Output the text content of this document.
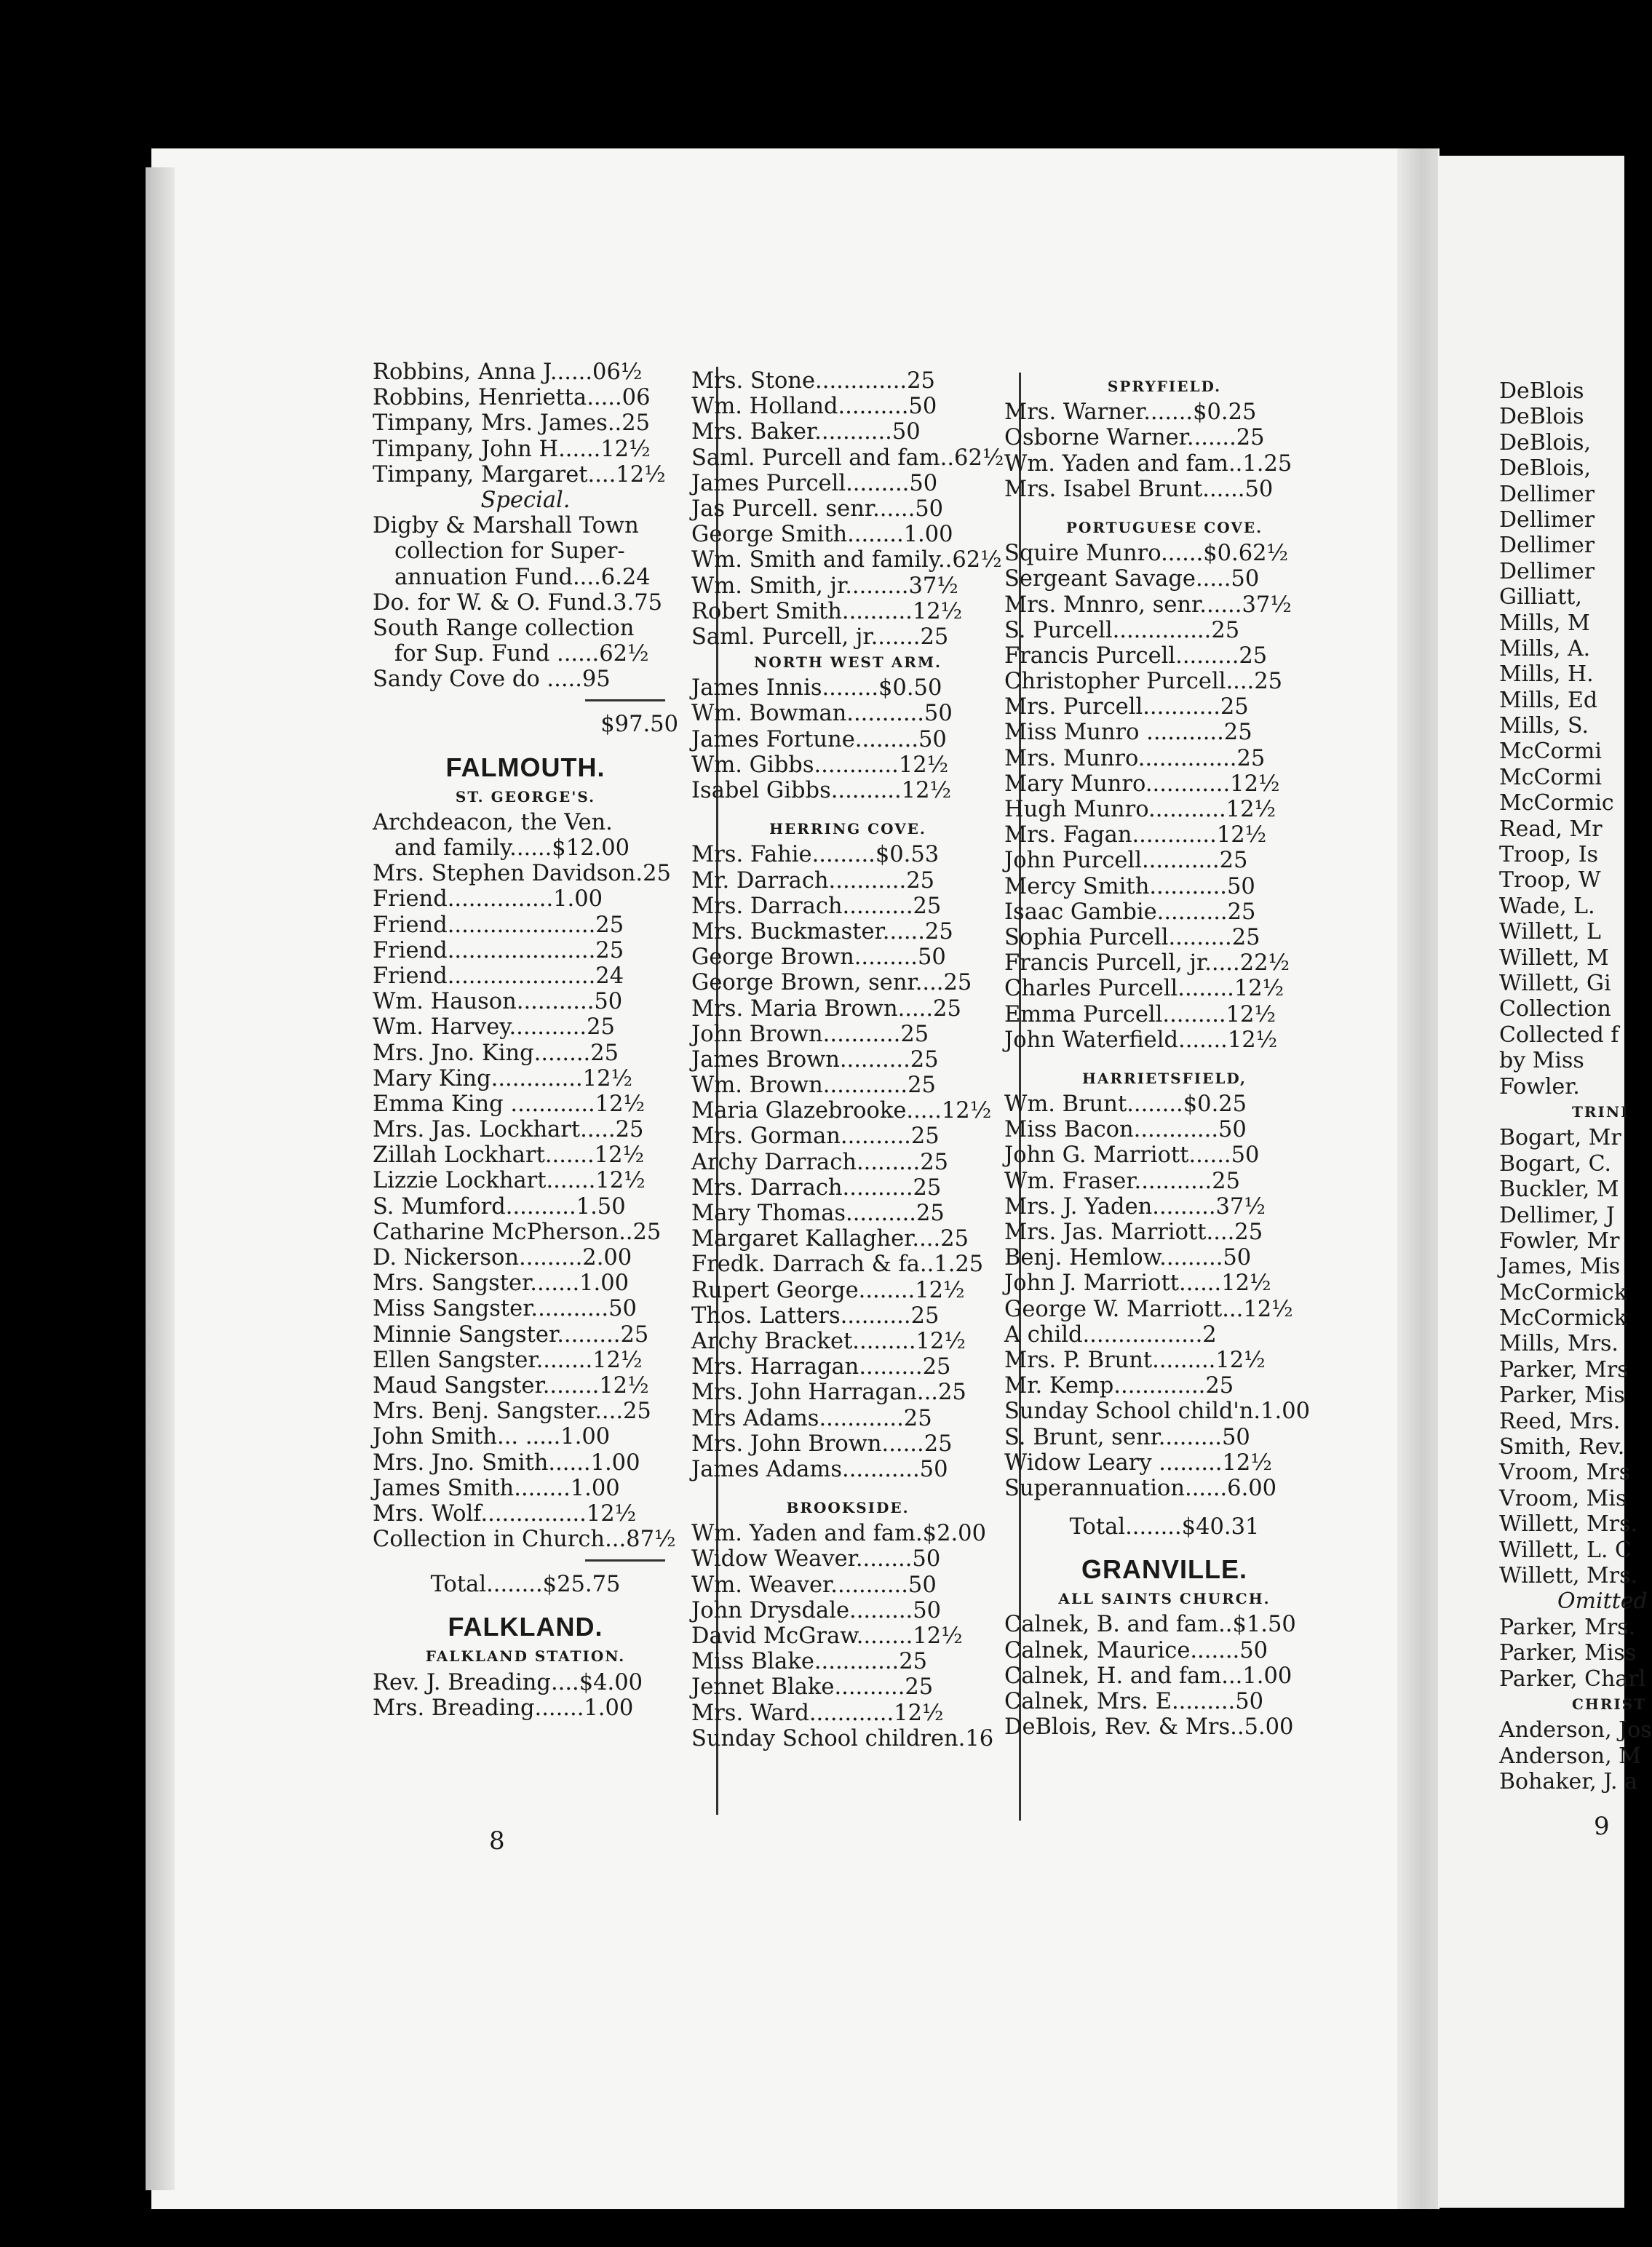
Robbins, Anna J......06½
Robbins, Henrietta.....06
Timpany, Mrs. James..25
Timpany, John H......12½
Timpany, Margaret....12½
Special.
Digby & Marshall Town
collection for Super-
annuation Fund....6.24
Do. for W. & O. Fund.3.75
South Range collection
for Sup. Fund ......62½
Sandy Cove do .....95
$97.50
FALMOUTH.
ST. GEORGE'S.
Archdeacon, the Ven.
and family......$12.00
Mrs. Stephen Davidson.25
Friend...............1.00
Friend.....................25
Friend.....................25
Friend.....................24
Wm. Hauson...........50
Wm. Harvey...........25
Mrs. Jno. King........25
Mary King.............12½
Emma King ............12½
Mrs. Jas. Lockhart.....25
Zillah Lockhart.......12½
Lizzie Lockhart.......12½
S. Mumford..........1.50
Catharine McPherson..25
D. Nickerson.........2.00
Mrs. Sangster.......1.00
Miss Sangster...........50
Minnie Sangster.........25
Ellen Sangster........12½
Maud Sangster........12½
Mrs. Benj. Sangster....25
John Smith... .....1.00
Mrs. Jno. Smith......1.00
James Smith........1.00
Mrs. Wolf...............12½
Collection in Church...87½
Total........$25.75
FALKLAND.
FALKLAND STATION.
Rev. J. Breading....$4.00
Mrs. Breading.......1.00
Mrs. Stone.............25
Wm. Holland..........50
Mrs. Baker...........50
Saml. Purcell and fam..62½
James Purcell.........50
Jas Purcell. senr......50
George Smith........1.00
Wm. Smith and family..62½
Wm. Smith, jr.........37½
Robert Smith..........12½
Saml. Purcell, jr.......25
NORTH WEST ARM.
James Innis........$0.50
Wm. Bowman...........50
James Fortune.........50
Wm. Gibbs............12½
Isabel Gibbs..........12½
HERRING COVE.
Mrs. Fahie.........$0.53
Mr. Darrach...........25
Mrs. Darrach..........25
Mrs. Buckmaster......25
George Brown.........50
George Brown, senr....25
Mrs. Maria Brown.....25
John Brown...........25
James Brown..........25
Wm. Brown............25
Maria Glazebrooke.....12½
Mrs. Gorman..........25
Archy Darrach.........25
Mrs. Darrach..........25
Mary Thomas..........25
Margaret Kallagher....25
Fredk. Darrach & fa..1.25
Rupert George........12½
Thos. Latters..........25
Archy Bracket.........12½
Mrs. Harragan.........25
Mrs. John Harragan...25
Mrs Adams............25
Mrs. John Brown......25
James Adams...........50
BROOKSIDE.
Wm. Yaden and fam.$2.00
Widow Weaver........50
Wm. Weaver...........50
John Drysdale.........50
David McGraw........12½
Miss Blake............25
Jennet Blake..........25
Mrs. Ward............12½
Sunday School children.16
SPRYFIELD.
Mrs. Warner.......$0.25
Osborne Warner.......25
Wm. Yaden and fam..1.25
Mrs. Isabel Brunt......50
PORTUGUESE COVE.
Squire Munro......$0.62½
Sergeant Savage.....50
Mrs. Mnnro, senr......37½
S. Purcell..............25
Francis Purcell.........25
Christopher Purcell....25
Mrs. Purcell...........25
Miss Munro ...........25
Mrs. Munro..............25
Mary Munro............12½
Hugh Munro...........12½
Mrs. Fagan............12½
John Purcell...........25
Mercy Smith...........50
Isaac Gambie..........25
Sophia Purcell.........25
Francis Purcell, jr.....22½
Charles Purcell........12½
Emma Purcell.........12½
John Waterfield.......12½
HARRIETSFIELD,
Wm. Brunt........$0.25
Miss Bacon............50
John G. Marriott......50
Wm. Fraser...........25
Mrs. J. Yaden.........37½
Mrs. Jas. Marriott....25
Benj. Hemlow.........50
John J. Marriott......12½
George W. Marriott...12½
A child.................2
Mrs. P. Brunt.........12½
Mr. Kemp.............25
Sunday School child'n.1.00
S. Brunt, senr.........50
Widow Leary .........12½
Superannuation......6.00
Total........$40.31
GRANVILLE.
ALL SAINTS CHURCH.
Calnek, B. and fam..$1.50
Calnek, Maurice.......50
Calnek, H. and fam...1.00
Calnek, Mrs. E.........50
DeBlois, Rev. & Mrs..5.00
DeBlois
DeBlois
DeBlois,
DeBlois,
Dellimer
Dellimer
Dellimer
Dellimer
Gilliatt,
Mills, M
Mills, A.
Mills, H.
Mills, Ed
Mills, S.
McCormi
McCormi
McCormic
Read, Mr
Troop, Is
Troop, W
Wade, L.
Willett, L
Willett, M
Willett, Gi
Collection
Collected f
by Miss
Fowler.
TRINI
Bogart, Mr
Bogart, C.
Buckler, M
Dellimer, J
Fowler, Mr
James, Mis
McCormick
McCormick
Mills, Mrs.
Parker, Mrs
Parker, Mis
Reed, Mrs.
Smith, Rev.
Vroom, Mrs
Vroom, Mis
Willett, Mrs.
Willett, L. C
Willett, Mrs.
Omitted
Parker, Mrs.
Parker, Miss
Parker, Charl
CHRIST
Anderson, Jos
Anderson, M
Bohaker, J. a
8	9
